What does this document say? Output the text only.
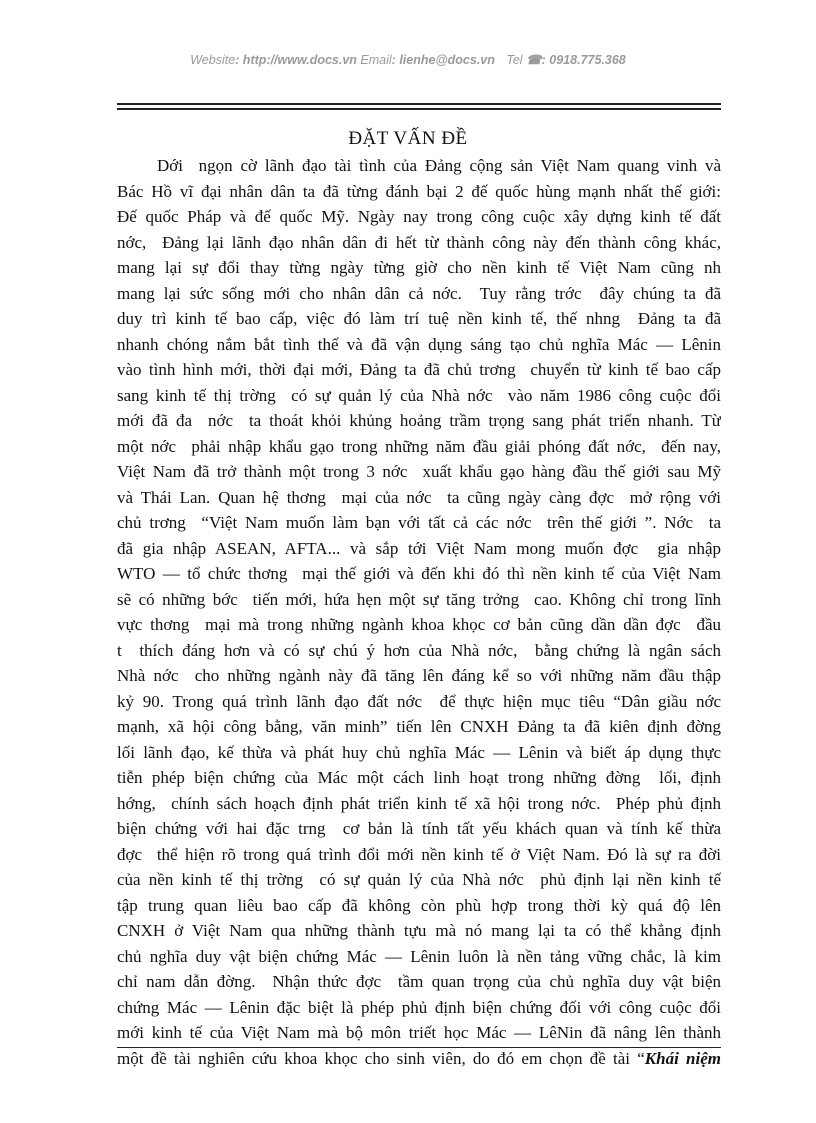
Website: http://www.docs.vn Email: lienhe@docs.vn Tel ☎: 0918.775.368
ĐẶT VẤN ĐỀ
Dới  ngọn cờ lãnh đạo tài tình của Đảng cộng sản Việt Nam quang vinh và
Bác Hồ vĩ đại nhân dân ta đã từng đánh bại 2 đế quốc hùng mạnh nhất thế giới:
Đế quốc Pháp và đế quốc Mỹ. Ngày nay trong công cuộc xây dựng kinh tế đất
nớc,  Đảng lại lãnh đạo nhân dân đi hết từ thành công này đến thành công khác,
mang lại sự đổi thay từng ngày từng giờ cho nền kinh tế Việt Nam cũng nh
mang lại sức sống mới cho nhân dân cả nớc.  Tuy rằng trớc  đây chúng ta đã
duy trì kinh tế bao cấp, việc đó làm trí tuệ nền kinh tế, thế nhng  Đảng ta đã
nhanh chóng nắm bắt tình thế và đã vận dụng sáng tạo chủ nghĩa Mác — Lênin
vào tình hình mới, thời đại mới, Đảng ta đã chủ trơng  chuyển từ kinh tế bao cấp
sang kinh tế thị trờng  có sự quản lý của Nhà nớc  vào năm 1986 công cuộc đổi
mới đã đa  nớc  ta thoát khỏi khủng hoảng trầm trọng sang phát triển nhanh. Từ
một nớc  phải nhập khẩu gạo trong những năm đầu giải phóng đất nớc,  đến nay,
Việt Nam đã trở thành một trong 3 nớc  xuất khẩu gạo hàng đầu thế giới sau Mỹ
và Thái Lan. Quan hệ thơng  mại của nớc  ta cũng ngày càng đợc  mở rộng với
chủ trơng  “Việt Nam muốn làm bạn với tất cả các nớc  trên thế giới ”. Nớc  ta
đã gia nhập ASEAN, AFTA... và sắp tới Việt Nam mong muốn đợc  gia nhập
WTO — tổ chức thơng  mại thế giới và đến khi đó thì nền kinh tế của Việt Nam
sẽ có những bớc  tiến mới, hứa hẹn một sự tăng trởng  cao. Không chỉ trong lĩnh
vực thơng  mại mà trong những ngành khoa khọc cơ bản cũng dần dần đợc  đầu
t  thích đáng hơn và có sự chú ý hơn của Nhà nớc,  bằng chứng là ngân sách
Nhà nớc  cho những ngành này đã tăng lên đáng kể so với những năm đầu thập
kỷ 90. Trong quá trình lãnh đạo đất nớc  để thực hiện mục tiêu “Dân giầu nớc
mạnh, xã hội công bằng, văn minh” tiến lên CNXH Đảng ta đã kiên định đờng
lối lãnh đạo, kế thừa và phát huy chủ nghĩa Mác — Lênin và biết áp dụng thực
tiễn phép biện chứng của Mác một cách linh hoạt trong những đờng  lối, định
hớng,  chính sách hoạch định phát triển kinh tế xã hội trong nớc.  Phép phủ định
biện chứng với hai đặc trng  cơ bản là tính tất yếu khách quan và tính kế thừa
đợc  thể hiện rõ trong quá trình đổi mới nền kinh tế ở Việt Nam. Đó là sự ra đời
của nền kinh tế thị trờng  có sự quản lý của Nhà nớc  phủ định lại nền kinh tế
tập trung quan liêu bao cấp đã không còn phù hợp trong thời kỳ quá độ lên
CNXH ở Việt Nam qua những thành tựu mà nó mang lại ta có thể khẳng định
chủ nghĩa duy vật biện chứng Mác — Lênin luôn là nền tảng vững chắc, là kim
chỉ nam dẫn đờng.  Nhận thức đợc  tầm quan trọng của chủ nghĩa duy vật biện
chứng Mác — Lênin đặc biệt là phép phủ định biện chứng đối với công cuộc đổi
mới kinh tế của Việt Nam mà bộ môn triết học Mác — LêNin đã nâng lên thành
một đề tài nghiên cứu khoa khọc cho sinh viên, do đó em chọn đề tài “Khái niệm
